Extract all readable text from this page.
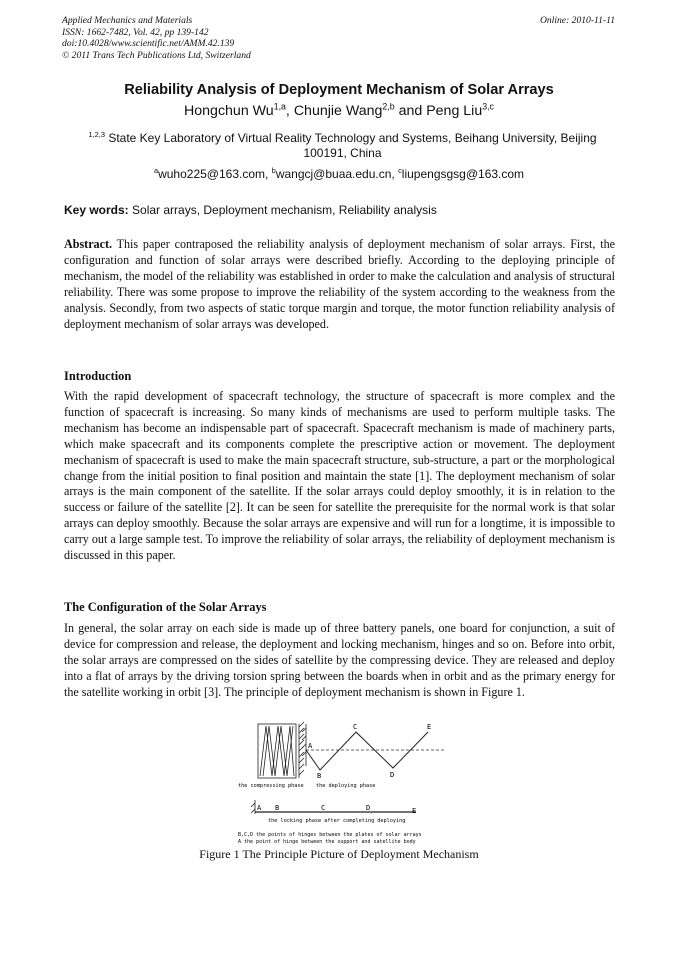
Applied Mechanics and Materials
ISSN: 1662-7482, Vol. 42, pp 139-142
doi:10.4028/www.scientific.net/AMM.42.139
© 2011 Trans Tech Publications Ltd, Switzerland
Online: 2010-11-11
Reliability Analysis of Deployment Mechanism of Solar Arrays
Hongchun Wu$^{1,a}$, Chunjie Wang$^{2,b}$ and Peng Liu$^{3,c}$
$^{1,2,3}$ State Key Laboratory of Virtual Reality Technology and Systems, Beihang University, Beijing 100191, China
$^a$wuho225@163.com, $^b$wangcj@buaa.edu.cn, $^c$liupengsgsg@163.com
Key words: Solar arrays, Deployment mechanism, Reliability analysis
Abstract. This paper contraposed the reliability analysis of deployment mechanism of solar arrays. First, the configuration and function of solar arrays were described briefly. According to the deploying principle of mechanism, the model of the reliability was established in order to make the calculation and analysis of structural reliability. There was some propose to improve the reliability of the system according to the weakness from the analysis. Secondly, from two aspects of static torque margin and torque, the motor function reliability analysis of deployment mechanism of solar arrays was developed.
Introduction
With the rapid development of spacecraft technology, the structure of spacecraft is more complex and the function of spacecraft is increasing. So many kinds of mechanisms are used to perform multiple tasks. The mechanism has become an indispensable part of spacecraft. Spacecraft mechanism is made of machinery parts, which make spacecraft and its components complete the prescriptive action or movement. The deployment mechanism of spacecraft is used to make the main spacecraft structure, sub-structure, a part or the morphological change from the initial position to final position and maintain the state [1]. The deployment mechanism of solar arrays is the main component of the satellite. If the solar arrays could deploy smoothly, it is in relation to the success or failure of the satellite [2]. It can be seen for satellite the prerequisite for the normal work is that solar arrays can deploy smoothly. Because the solar arrays are expensive and will run for a longtime, it is impossible to carry out a large sample test. To improve the reliability of solar arrays, the reliability of deployment mechanism is discussed in this paper.
The Configuration of the Solar Arrays
In general, the solar array on each side is made up of three battery panels, one board for conjunction, a suit of device for compression and release, the deployment and locking mechanism, hinges and so on. Before into orbit, the solar arrays are compressed on the sides of satellite by the compressing device. They are released and deploy into a flat of arrays by the driving torsion spring between the boards when in orbit and as the primary energy for the satellite working in orbit [3]. The principle of deployment mechanism is shown in Figure 1.
A
B
C
D
E
the compressing phase the deploying phase
A B	C	D	E
the locking phase after completing deploying
B,C,D the points of hinges between the plates of solar arrays
A the point of hinge between the support and satellite body
Figure 1 The Principle Picture of Deployment Mechanism
